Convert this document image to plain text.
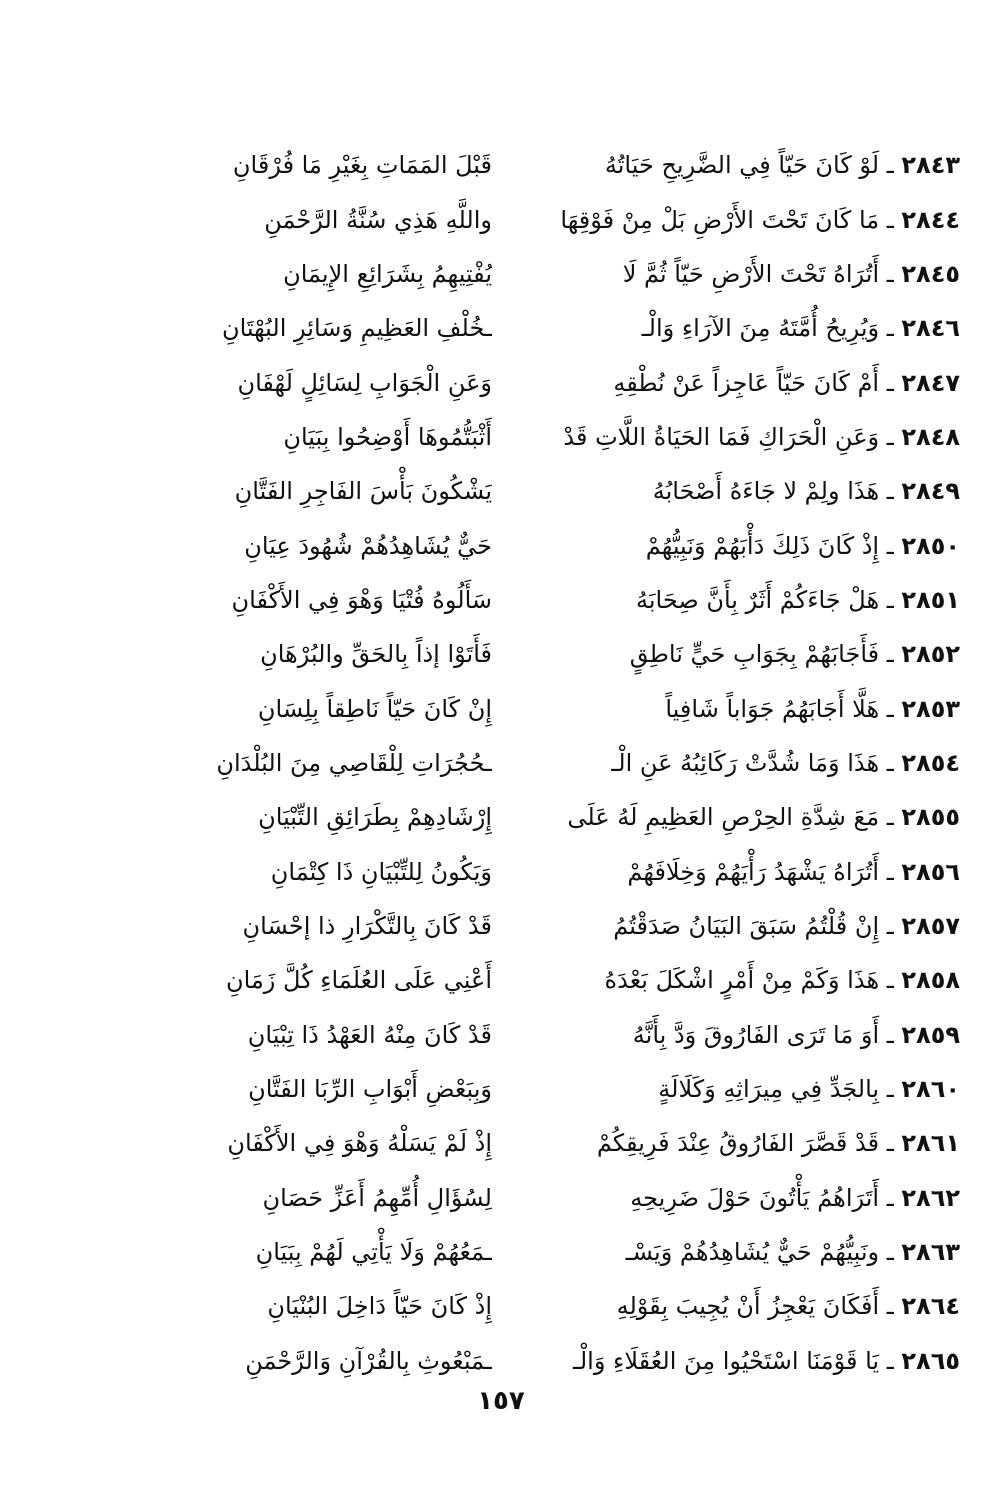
٢٨٤٣ ـ لَوْ كَانَ حَيّاً فِي الضَّرِيحِ حَيَاتُهُ
قَبْلَ المَمَاتِ بِغَيْرِ مَا فُرْقَانِ
٢٨٤٤ ـ مَا كَانَ تَحْتَ الأَرْضِ بَلْ مِنْ فَوْقِهَا
واللَّهِ هَذِي سُنَّةُ الرَّحْمَنِ
٢٨٤٥ ـ أَتُرَاهُ تَحْتَ الأَرْضِ حَيّاً ثُمَّ لَا
يُفْتِيهِمُ بِشَرَائِعِ الإِيمَانِ
٢٨٤٦ ـ وَيُرِيحُ أُمَّتَهُ مِنَ الآرَاءِ وَالْـ
ـخُلْفِ العَظِيمِ وَسَائِرِ البُهْتَانِ
٢٨٤٧ ـ أَمْ كَانَ حَيّاً عَاجِزاً عَنْ نُطْقِهِ
وَعَنِ الْجَوَابِ لِسَائِلٍ لَهْفَانِ
٢٨٤٨ ـ وَعَنِ الْحَرَاكِ فَمَا الحَيَاةُ اللَّاتِ قَدْ
أَثْبَتُّمُوهَا أَوْضِحُوا بِبَيَانِ
٢٨٤٩ ـ هَذَا ولِمْ لا جَاءَهُ أَصْحَابُهُ
يَشْكُونَ بَأْسَ الفَاجِرِ الفَتَّانِ
٢٨٥٠ ـ إِذْ كَانَ ذَلِكَ دَأْبَهُمْ وَنَبِيُّهُمْ
حَيٌّ يُشَاهِدُهُمْ شُهُودَ عِيَانِ
٢٨٥١ ـ هَلْ جَاءَكُمْ أَثَرٌ بِأَنَّ صِحَابَهُ
سَأَلُوهُ فُتْيَا وَهْوَ فِي الأَكْفَانِ
٢٨٥٢ ـ فَأَجَابَهُمْ بِجَوَابِ حَيٍّ نَاطِقٍ
فَأَتَوْا إذاً بِالحَقِّ والبُرْهَانِ
٢٨٥٣ ـ هَلَّا أَجَابَهُمُ جَوَاباً شَافِياً
إِنْ كَانَ حَيّاً نَاطِقاً بِلِسَانِ
٢٨٥٤ ـ هَذَا وَمَا شُدَّتْ رَكَائِبُهُ عَنِ الْـ
ـحُجُرَاتِ لِلْقَاصِي مِنَ البُلْدَانِ
٢٨٥٥ ـ مَعَ شِدَّةِ الحِرْصِ العَظِيمِ لَهُ عَلَى
إِرْشَادِهِمْ بِطَرَائِقِ التِّبْيَانِ
٢٨٥٦ ـ أَتُرَاهُ يَشْهَدُ رَأْيَهُمْ وَخِلَافَهُمْ
وَيَكُونُ لِلتِّبْيَانِ ذَا كِتْمَانِ
٢٨٥٧ ـ إِنْ قُلْتُمُ سَبَقَ البَيَانُ صَدَقْتُمُ
قَدْ كَانَ بِالتَّكْرَارِ ذا إحْسَانِ
٢٨٥٨ ـ هَذَا وَكَمْ مِنْ أَمْرٍ اشْكَلَ بَعْدَهُ
أَعْنِي عَلَى العُلَمَاءِ كُلَّ زَمَانِ
٢٨٥٩ ـ أَوَ مَا تَرَى الفَارُوقَ وَدَّ بِأَنَّهُ
قَدْ كَانَ مِنْهُ العَهْدُ ذَا تِبْيَانِ
٢٨٦٠ ـ بِالجَدِّ فِي مِيرَاثِهِ وَكَلَالَةٍ
وَبِبَعْضِ أَبْوَابِ الرِّبَا الفَتَّانِ
٢٨٦١ ـ قَدْ قَصَّرَ الفَارُوقُ عِنْدَ فَرِيقِكُمْ
إِذْ لَمْ يَسَلْهُ وَهْوَ فِي الأَكْفَانِ
٢٨٦٢ ـ أَتَرَاهُمُ يَأْتُونَ حَوْلَ ضَرِيحِهِ
لِسُؤَالِ أُمِّهِمُ أَعَزِّ حَصَانِ
٢٨٦٣ ـ ونَبِيُّهُمْ حَيٌّ يُشَاهِدُهُمْ وَيَسْـ
ـمَعُهُمْ وَلَا يَأْتِي لَهُمْ بِبَيَانِ
٢٨٦٤ ـ أَفَكَانَ يَعْجِزُ أَنْ يُجِيبَ بِقَوْلِهِ
إِذْ كَانَ حَيّاً دَاخِلَ البُنْيَانِ
٢٨٦٥ ـ يَا قَوْمَنَا اسْتَحْيُوا مِنَ العُقَلَاءِ وَالْـ
ـمَبْعُوثِ بِالقُرْآنِ وَالرَّحْمَنِ
١٥٧
